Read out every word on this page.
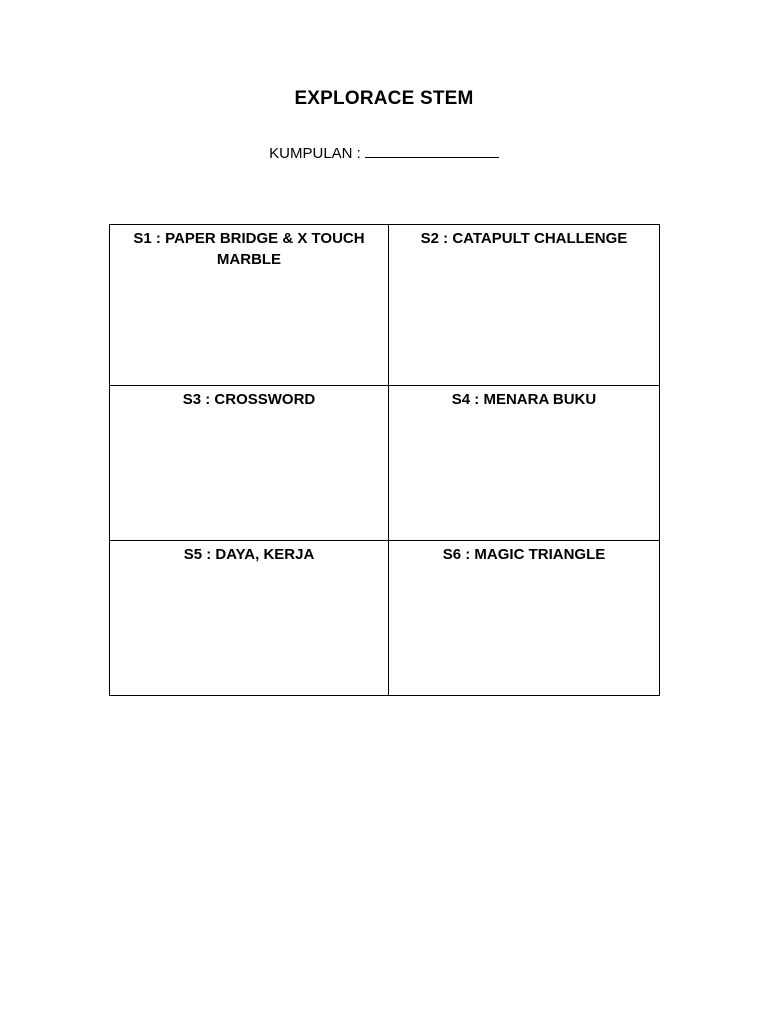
EXPLORACE STEM
KUMPULAN :
S1 : PAPER BRIDGE & X TOUCH MARBLE	S2 : CATAPULT CHALLENGE
S3 : CROSSWORD	S4 : MENARA BUKU
S5 : DAYA, KERJA	S6 : MAGIC TRIANGLE
